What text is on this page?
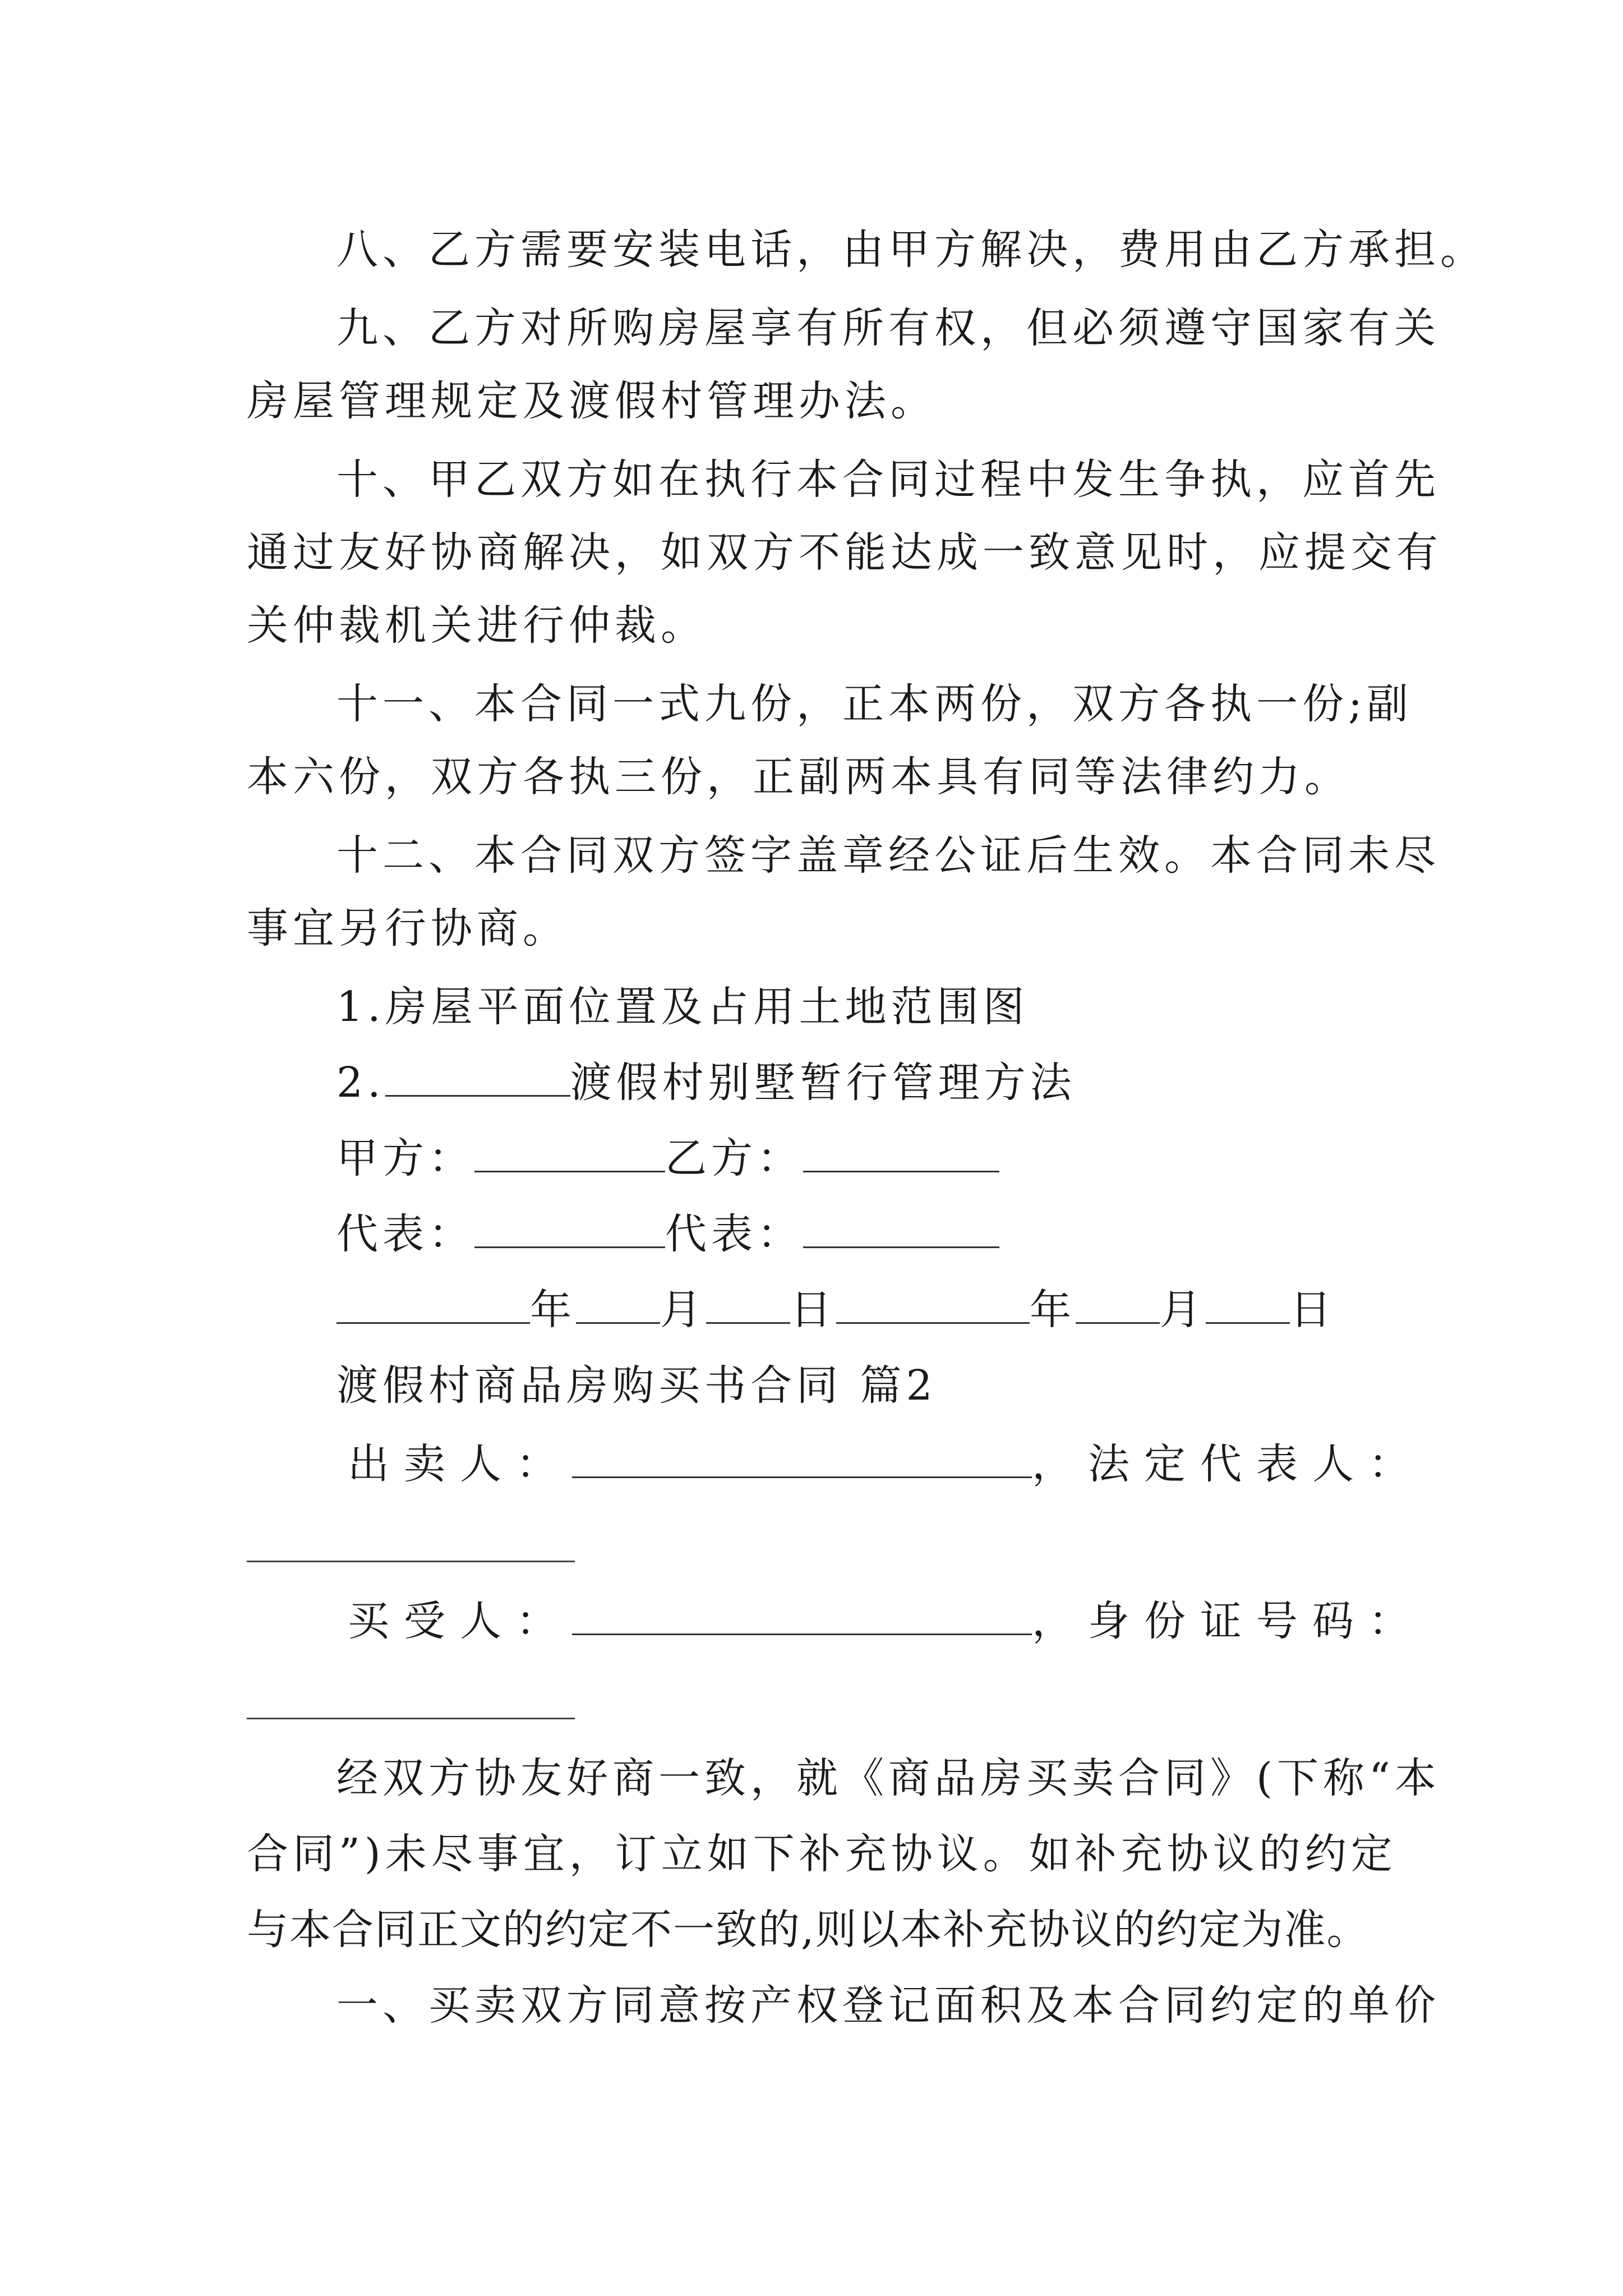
八、乙方需要安装电话，由甲方解决，费用由乙方承担。
九、乙方对所购房屋享有所有权，但必须遵守国家有关
房屋管理规定及渡假村管理办法。
十、甲乙双方如在执行本合同过程中发生争执，应首先
通过友好协商解决，如双方不能达成一致意见时，应提交有
关仲裁机关进行仲裁。
十一、本合同一式九份，正本两份，双方各执一份;副
本六份，双方各执三份，正副两本具有同等法律约力。
十二、本合同双方签字盖章经公证后生效。本合同未尽
事宜另行协商。
1.房屋平面位置及占用土地范围图
2.	渡假村别墅暂行管理方法
甲方：	乙方：
代表：	代表：
年 月 日	年 月 日
渡假村商品房购买书合同 篇2
出卖人：	，法定代表人：
买受人：	，身份证号码：
经双方协友好商一致，就《商品房买卖合同》(下称“本
合同”)未尽事宜，订立如下补充协议。如补充协议的约定
与本合同正文的约定不一致的,则以本补充协议的约定为准。
一、买卖双方同意按产权登记面积及本合同约定的单价
